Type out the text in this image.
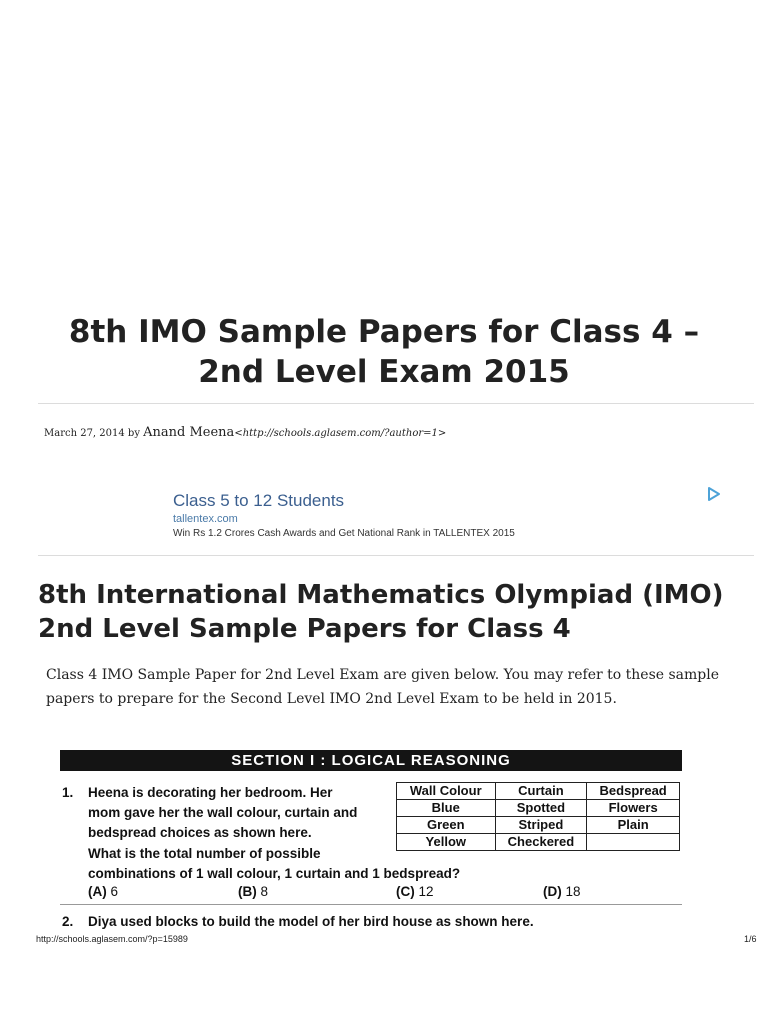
8th IMO Sample Papers for Class 4 –
2nd Level Exam 2015
March 27, 2014 by Anand Meena<http://schools.aglasem.com/?author=1>
Class 5 to 12 Students
tallentex.com
Win Rs 1.2 Crores Cash Awards and Get National Rank in TALLENTEX 2015
8th International Mathematics Olympiad (IMO)
2nd Level Sample Papers for Class 4

Class 4 IMO Sample Paper for 2nd Level Exam are given below. You may refer to these sample papers to prepare for the Second Level IMO 2nd Level Exam to be held in 2015.

SECTION I : LOGICAL REASONING
1. Heena is decorating her bedroom. Her
mom gave her the wall colour, curtain and
bedspread choices as shown here.
What is the total number of possible
combinations of 1 wall colour, 1 curtain and 1 bedspread?
(A) 6	(B) 8	(C) 12	(D) 18
Wall Colour	Curtain	Bedspread
Blue	Spotted	Flowers
Green	Striped	Plain
Yellow	Checkered	
2. Diya used blocks to build the model of her bird house as shown here.
http://schools.aglasem.com/?p=15989	1/6
